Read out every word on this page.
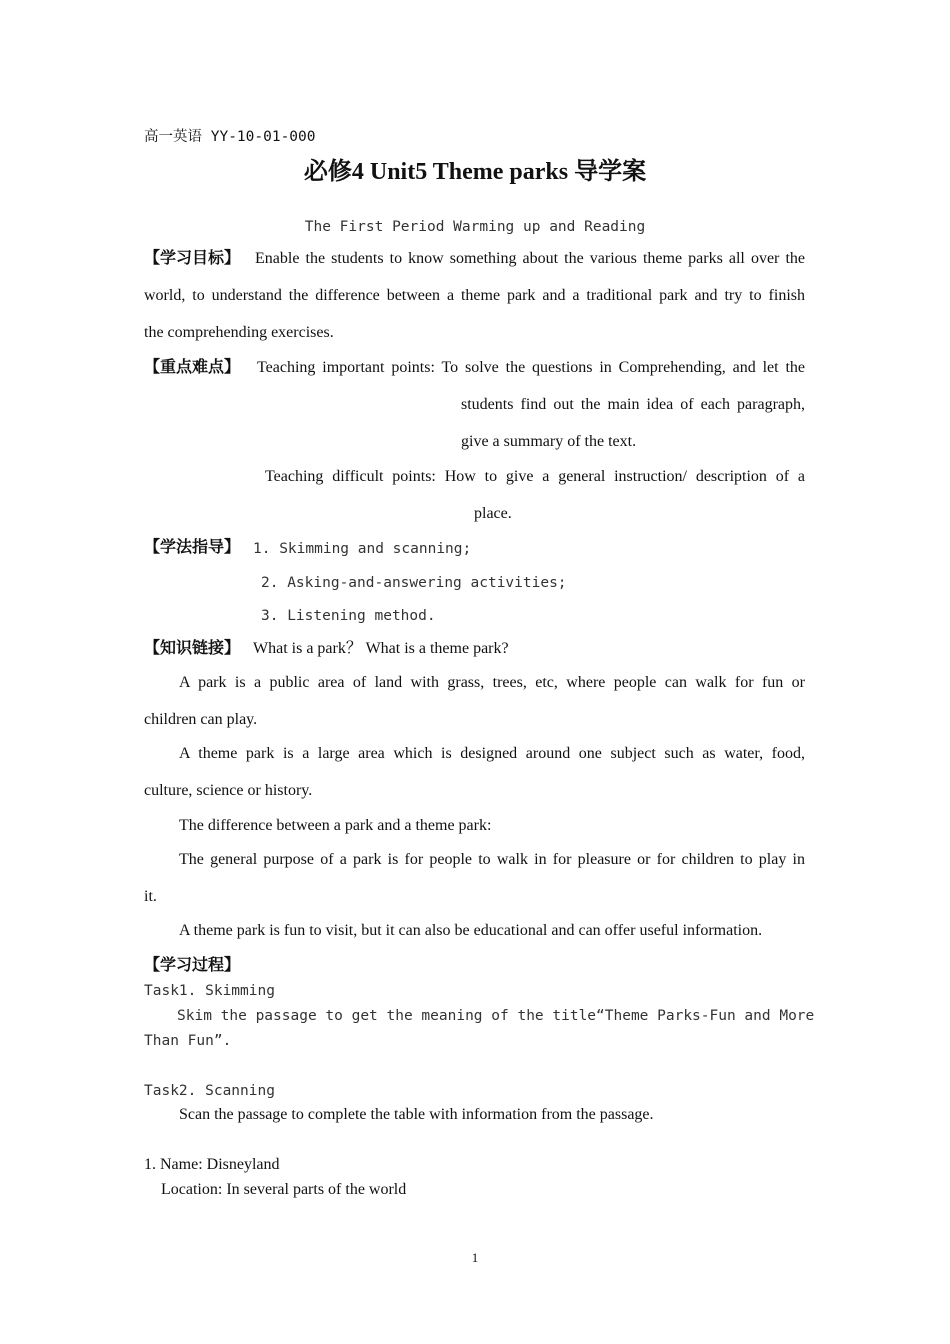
高一英语 YY-10-01-000
必修4 Unit5 Theme parks 导学案
The First Period Warming up and Reading
【学习目标】 Enable the students to know something about the various theme parks all over the
world, to understand the difference between a theme park and a traditional park and try to finish
the comprehending exercises.
【重点难点】 Teaching important points: To solve the questions in Comprehending, and let the
students find out the main idea of each paragraph,
give a summary of the text.
Teaching difficult points: How to give a general instruction/ description of a
place.
【学法指导】 1. Skimming and scanning;
2. Asking-and-answering activities;
3. Listening method.
【知识链接】 What is a park？ What is a theme park?
A park is a public area of land with grass, trees, etc, where people can walk for fun or
children can play.
A theme park is a large area which is designed around one subject such as water, food,
culture, science or history.
The difference between a park and a theme park:
The general purpose of a park is for people to walk in for pleasure or for children to play in
it.
A theme park is fun to visit, but it can also be educational and can offer useful information.
【学习过程】
Task1. Skimming
Skim the passage to get the meaning of the title“Theme Parks-Fun and More
Than Fun”.
Task2. Scanning
Scan the passage to complete the table with information from the passage.
1. Name: Disneyland
Location: In several parts of the world
1
